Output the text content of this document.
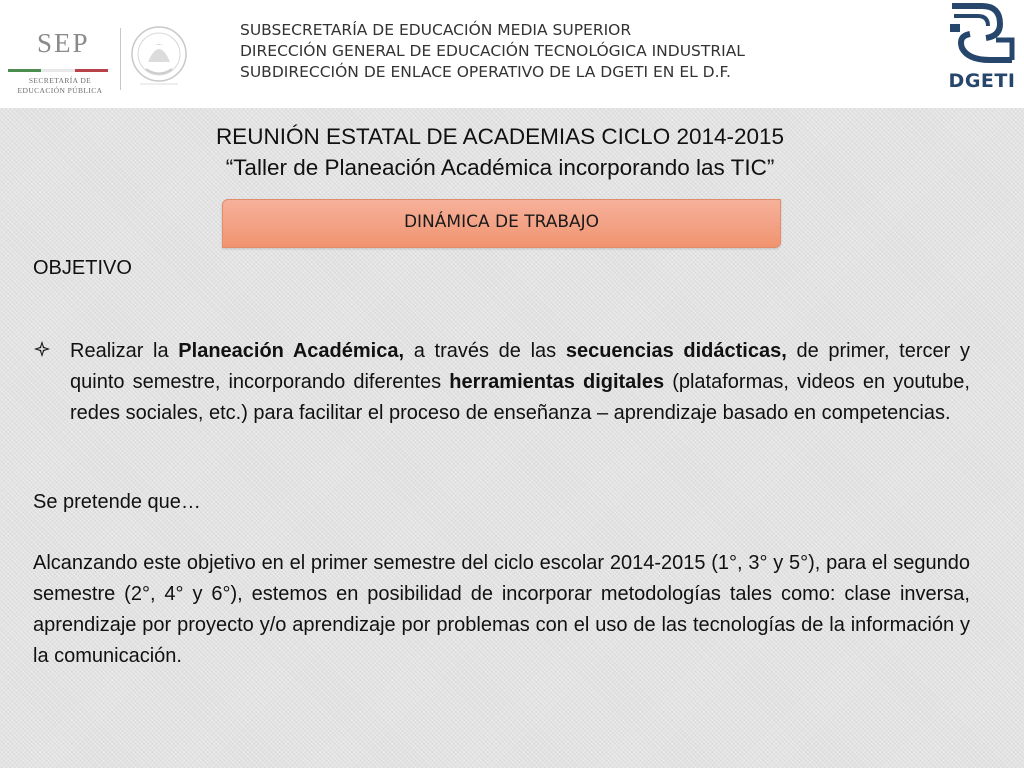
SEP
SECRETARÍA DE
EDUCACIÓN PÚBLICA
SUBSECRETARÍA DE EDUCACIÓN MEDIA SUPERIOR
DIRECCIÓN GENERAL DE EDUCACIÓN TECNOLÓGICA INDUSTRIAL
SUBDIRECCIÓN DE ENLACE OPERATIVO DE LA DGETI EN EL D.F.	DGETI
REUNIÓN ESTATAL DE ACADEMIAS CICLO 2014-2015
“Taller de Planeación Académica incorporando las TIC”
DINÁMICA DE TRABAJO
OBJETIVO
Realizar la Planeación Académica, a través de las secuencias didácticas, de primer, tercer y quinto semestre, incorporando diferentes herramientas digitales (plataformas, videos en youtube, redes sociales, etc.) para facilitar el proceso de enseñanza – aprendizaje basado en competencias.
Se pretende que…
Alcanzando este objetivo en el primer semestre del ciclo escolar 2014-2015 (1°, 3° y 5°), para el segundo semestre (2°, 4° y 6°), estemos en posibilidad de incorporar metodologías tales como: clase inversa, aprendizaje por proyecto y/o aprendizaje por problemas con el uso de las tecnologías de la información y la comunicación.
